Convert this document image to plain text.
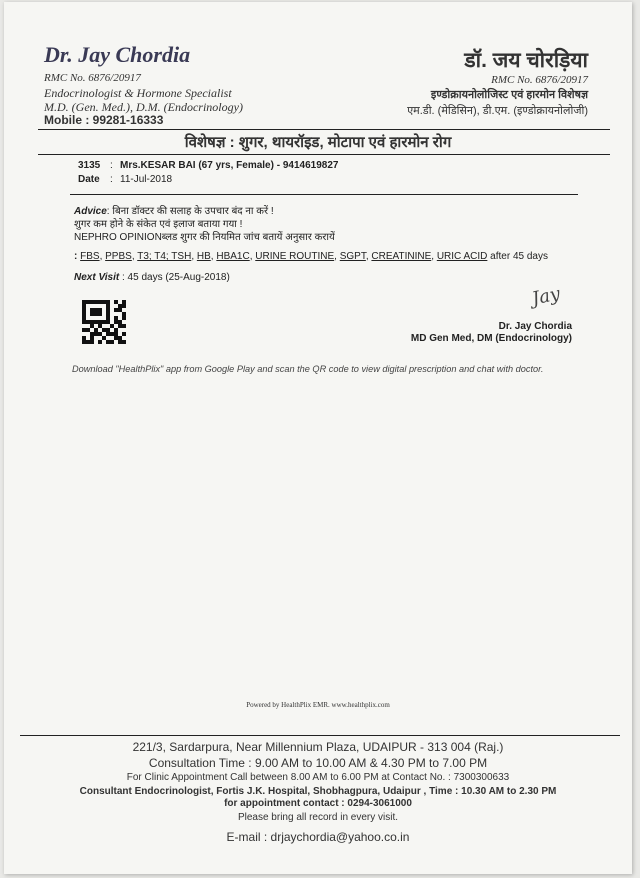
Dr. Jay Chordia
RMC No. 6876/20917
Endocrinologist & Hormone Specialist
M.D. (Gen. Med.), D.M. (Endocrinology)
Mobile : 99281-16333
डॉ. जय चोरड़िया
RMC No. 6876/20917
इण्डोक्रायनोलोजिस्ट एवं हारमोन विशेषज्ञ
एम.डी. (मेडिसिन), डी.एम. (इण्डोक्रायनोलोजी)
विशेषज्ञ : शुगर, थायरॉइड, मोटापा एवं हारमोन रोग
3135 : Mrs.KESAR BAI (67 yrs, Female) - 9414619827
Date : 11-Jul-2018
Advice: बिना डॉक्टर की सलाह के उपचार बंद ना करें !
शुगर कम होने के संकेत एवं इलाज बताया गया !
NEPHRO OPINIONब्लड शुगर की नियमित जांच बतायें अनुसार करायें
: FBS, PPBS, T3; T4; TSH, HB, HBA1C, URINE ROUTINE, SGPT, CREATININE, URIC ACID after 45 days
Next Visit : 45 days (25-Aug-2018)
Jay
Dr. Jay Chordia
MD Gen Med, DM (Endocrinology)
Download "HealthPlix" app from Google Play and scan the QR code to view digital prescription and chat with doctor.
Powered by HealthPlix EMR. www.healthplix.com
221/3, Sardarpura, Near Millennium Plaza, UDAIPUR - 313 004 (Raj.)
Consultation Time : 9.00 AM to 10.00 AM & 4.30 PM to 7.00 PM
For Clinic Appointment Call between 8.00 AM to 6.00 PM at Contact No. : 7300300633
Consultant Endocrinologist, Fortis J.K. Hospital, Shobhagpura, Udaipur , Time : 10.30 AM to 2.30 PM
for appointment contact : 0294-3061000
Please bring all record in every visit.
E-mail : drjaychordia@yahoo.co.in
